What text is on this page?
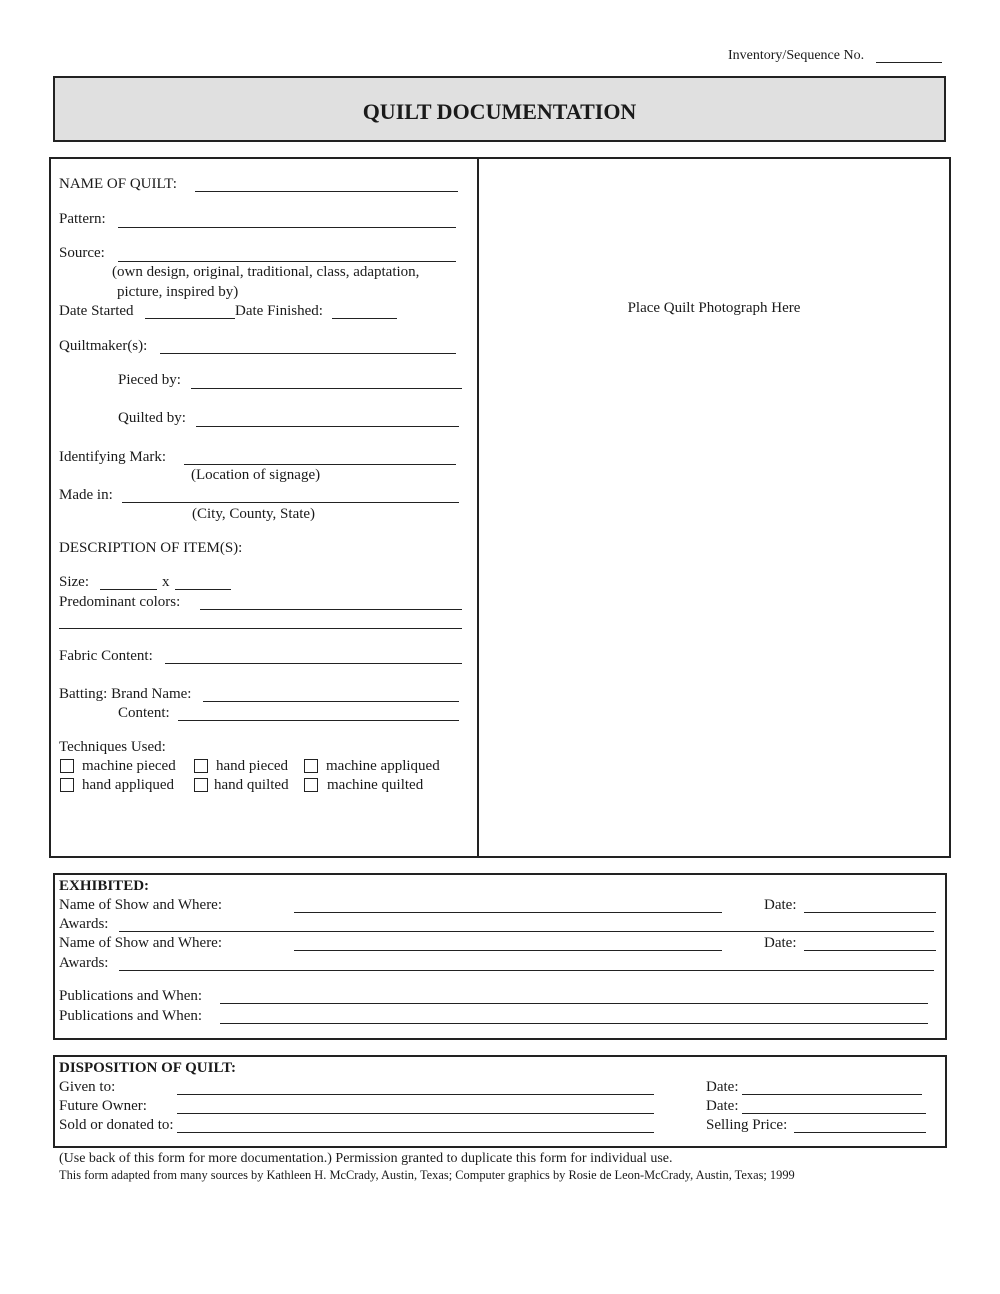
Inventory/Sequence No.
QUILT DOCUMENTATION
NAME OF QUILT:
Pattern:
Source:
(own design, original, traditional, class, adaptation,
picture, inspired by)
Date Started	Date Finished:
Quiltmaker(s):
Pieced by:
Quilted by:
Identifying Mark:
(Location of signage)
Made in:
(City, County, State)
DESCRIPTION OF ITEM(S):
Size:	x
Predominant colors:
Fabric Content:
Batting: Brand Name:
Content:
Techniques Used:
machine pieced	hand pieced	machine appliqued
hand appliqued	hand quilted	machine quilted
Place Quilt Photograph Here
EXHIBITED:
Name of Show and Where:	Date:
Awards:
Name of Show and Where:	Date:
Awards:
Publications and When:
Publications and When:
DISPOSITION OF QUILT:
Given to:	Date:
Future Owner:	Date:
Sold or donated to:	Selling Price:
(Use back of this form for more documentation.) Permission granted to duplicate this form for individual use.
This form adapted from many sources by Kathleen H. McCrady, Austin, Texas; Computer graphics by Rosie de Leon-McCrady, Austin, Texas; 1999
